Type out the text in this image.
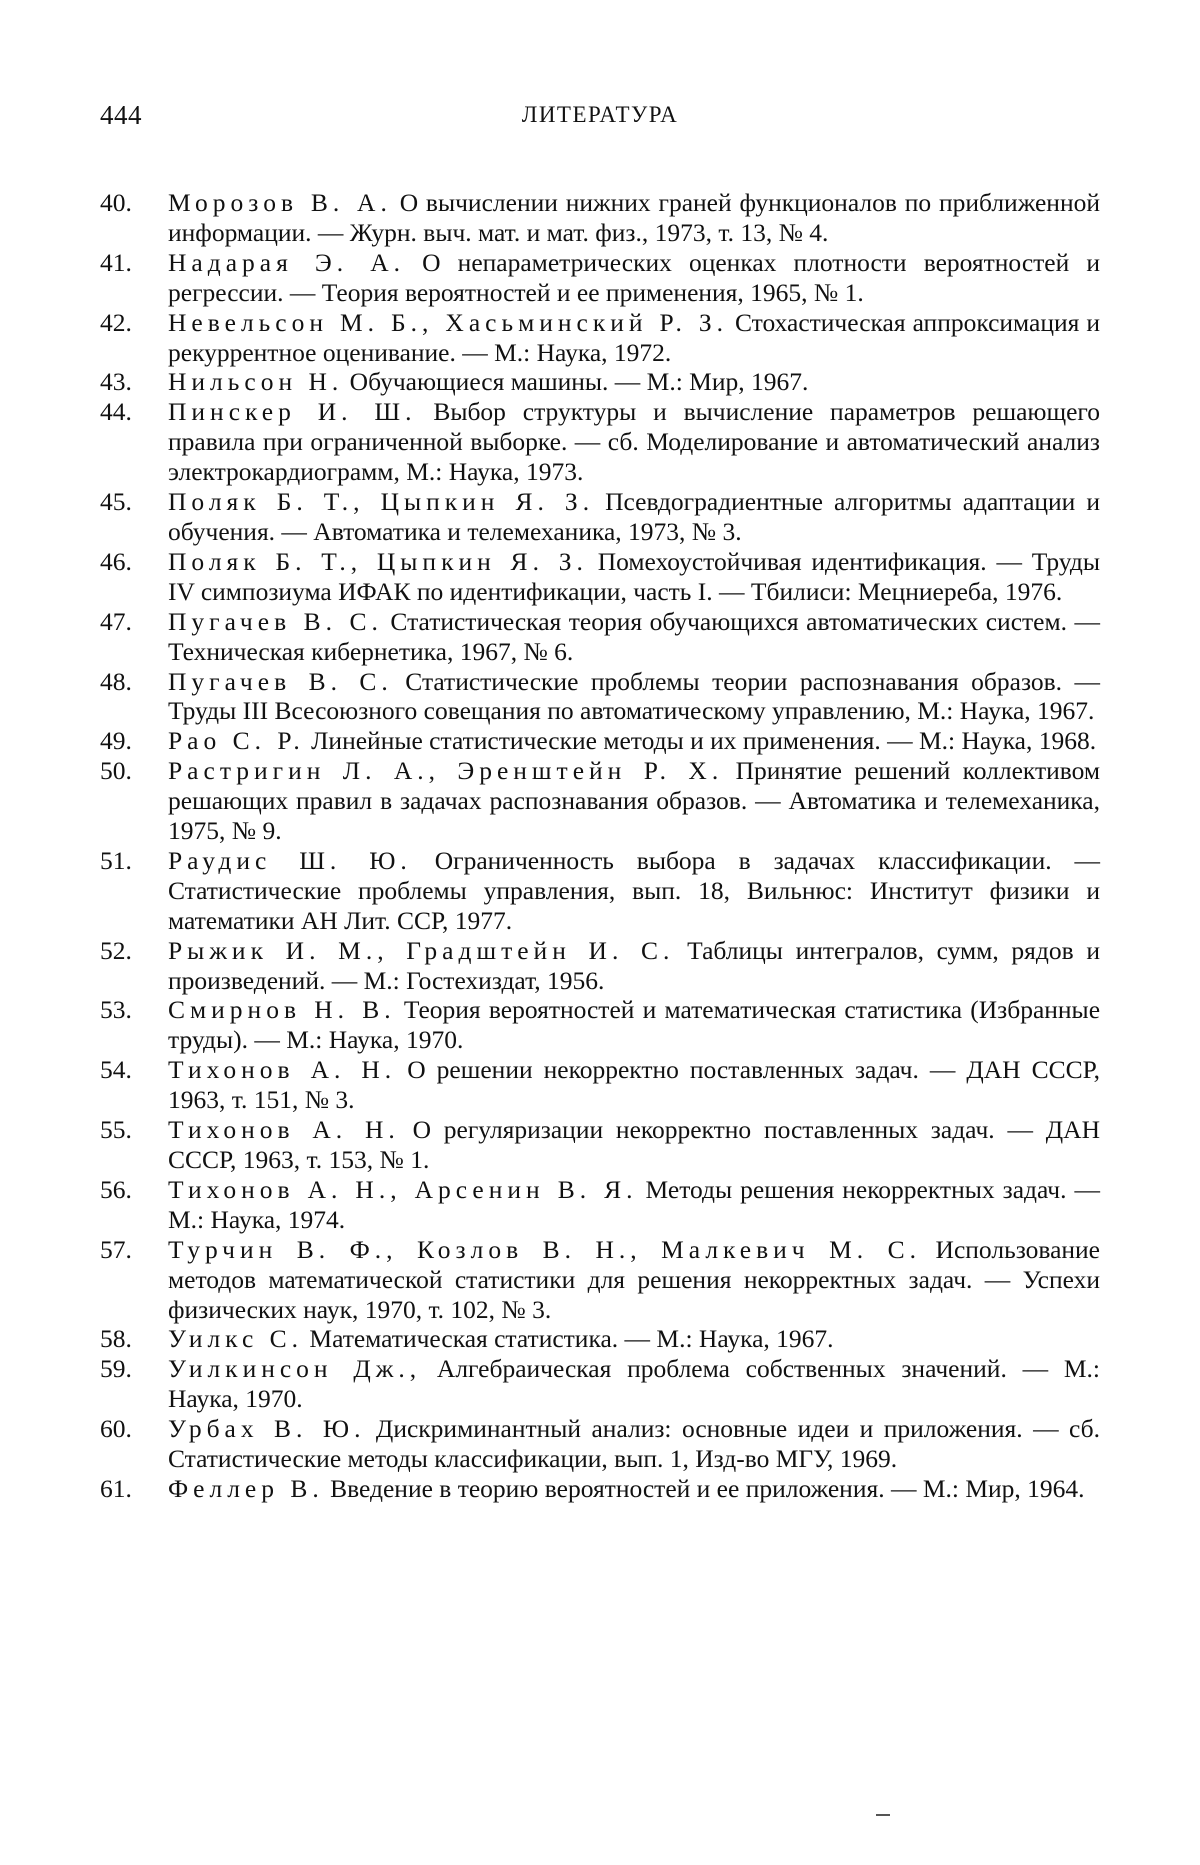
444	ЛИТЕРАТУРА
40.	Морозов В. А. О вычислении нижних граней функционалов по приближенной информации. — Журн. выч. мат. и мат. физ., 1973, т. 13, № 4.
41.	Надарая Э. А. О непараметрических оценках плотности вероятностей и регрессии. — Теория вероятностей и ее применения, 1965, № 1.
42.	Невельсон М. Б., Хасьминский Р. З. Стохастическая аппроксимация и рекуррентное оценивание. — М.: Наука, 1972.
43.	Нильсон Н. Обучающиеся машины. — М.: Мир, 1967.
44.	Пинскер И. Ш. Выбор структуры и вычисление параметров решающего правила при ограниченной выборке. — сб. Моделирование и автоматический анализ электрокардиограмм, М.: Наука, 1973.
45.	Поляк Б. Т., Цыпкин Я. З. Псевдоградиентные алгоритмы адаптации и обучения. — Автоматика и телемеханика, 1973, № 3.
46.	Поляк Б. Т., Цыпкин Я. З. Помехоустойчивая идентификация. — Труды IV симпозиума ИФАК по идентификации, часть I. — Тбилиси: Мецниереба, 1976.
47.	Пугачев В. С. Статистическая теория обучающихся автоматических систем. — Техническая кибернетика, 1967, № 6.
48.	Пугачев В. С. Статистические проблемы теории распознавания образов. — Труды III Всесоюзного совещания по автоматическому управлению, М.: Наука, 1967.
49.	Рао С. Р. Линейные статистические методы и их применения. — М.: Наука, 1968.
50.	Растригин Л. А., Эренштейн Р. Х. Принятие решений коллективом решающих правил в задачах распознавания образов. — Автоматика и телемеханика, 1975, № 9.
51.	Раудис Ш. Ю. Ограниченность выбора в задачах классификации. — Статистические проблемы управления, вып. 18, Вильнюс: Институт физики и математики АН Лит. ССР, 1977.
52.	Рыжик И. М., Градштейн И. С. Таблицы интегралов, сумм, рядов и произведений. — М.: Гостехиздат, 1956.
53.	Смирнов Н. В. Теория вероятностей и математическая статистика (Избранные труды). — М.: Наука, 1970.
54.	Тихонов А. Н. О решении некорректно поставленных задач. — ДАН СССР, 1963, т. 151, № 3.
55.	Тихонов А. Н. О регуляризации некорректно поставленных задач. — ДАН СССР, 1963, т. 153, № 1.
56.	Тихонов А. Н., Арсенин В. Я. Методы решения некорректных задач. — М.: Наука, 1974.
57.	Турчин В. Ф., Козлов В. Н., Малкевич М. С. Использование методов математической статистики для решения некорректных задач. — Успехи физических наук, 1970, т. 102, № 3.
58.	Уилкс С. Математическая статистика. — М.: Наука, 1967.
59.	Уилкинсон Дж., Алгебраическая проблема собственных значений. — М.: Наука, 1970.
60.	Урбах В. Ю. Дискриминантный анализ: основные идеи и приложения. — сб. Статистические методы классификации, вып. 1, Изд-во МГУ, 1969.
61.	Феллер В. Введение в теорию вероятностей и ее приложения. — М.: Мир, 1964.
